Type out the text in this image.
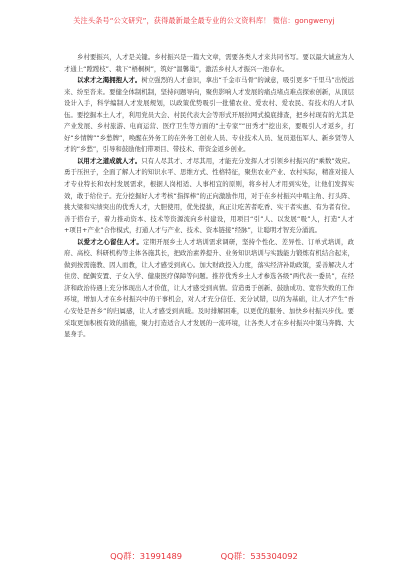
关注头条号“公文研究”，获得最新最全最专业的公文资料库！ 微信：gongwenyj

乡村要振兴，人才是关键。乡村振兴是一篇大文章，需要各类人才来共同书写。要以最大诚意为人才通上“蹚蹚枝”、栽下“梧桐树”，筑好“温馨巢”，激活乡村人才振兴一池春水。

以求才之渴拥抱人才。树立强烈的人才意识，拿出“千金市马骨”的诚意，吸引更多“千里马”出悦远来、纷至沓来。要健全体制机制，坚持问题导向，聚焦影响人才发展的痛点堵点难点探索创新，从顶层设计入手，科学编制人才发展规划，以政策优势吸引一批懂农业、爱农村、爱农民、有技术的人才队伍。要挖掘本土人才，利用党员大会、村民代表大会等形式开展拉网式摸底排查，把乡村现有的尤其是产业发展、乡村旅游、电商运营、医疗卫生等方面的“土专家”“田秀才”挖出来，要吸引人才返乡，打好“乡情牌”“乡愁牌”，唤醒在外务工的在外务工创业人员、专业技术人员、复员退伍军人、新乡贤等人才的“乡愁”，引导和鼓励他们带项目、带技术、带资金返乡创业。

以用才之道成就人才。只有人尽其才、才尽其用，才能充分发挥人才引领乡村振兴的“乘数”效应。勇于压担子，全面了解人才的知识水平、思维方式、性格特征，聚焦农业产业、农村实际，精准对接人才专业特长和农村发展需求，根据人岗相适、人事相宜的原则，将乡村人才用到实处，让他们发挥实效，敢于给位子。充分挖掘好人才考核“指挥棒”的正向激励作用，对于在乡村振兴中唱主角、打头阵、挑大梁和实绩突出的优秀人才，大胆使用，优先提拔，真正让吃苦者吃香、实干者实惠、有为者有位。善于搭台子，着力推动资本、技术等资源流向乡村建设，用项目“引”人、以发展“吸”人，打造“人才+项目+产业”合作模式，打通人才与产业、技术、资本链接“经脉”，让聪明才智充分涌流。

以爱才之心留住人才。定期开展乡土人才培训需求调研，坚持个性化、差异性、订单式培训，政府、高校、科研机构等主体各施其长，把政治素养提升、业务知识培训与实践能力锻炼有机结合起来，做到按需施教、因人而教，让人才感受到真心。加大财政投入力度，落实经济补助政策，妥善解决人才住房、配偶安置、子女入学、健康医疗保障等问题。推荐优秀乡土人才参选各级“两代表一委员”，在经济和政治待遇上充分体现出人才价值，让人才感受到真情。营造勇于创新、鼓励成功、宽容失败的工作环境，增加人才在乡村振兴中的干事机会，对人才充分信任、充分试错，以的为基础，让人才产生“吾心安处是吾乡”的归属感，让人才感受到真暖。及时排解困难，以更优的服务、加快乡村振兴步伐。要采取更加积极有效的措施，聚力打造适合人才发展的一流环境，让各类人才在乡村振兴中策马奔腾、大显身手。

QQ群：31991489	QQ群：535304092
